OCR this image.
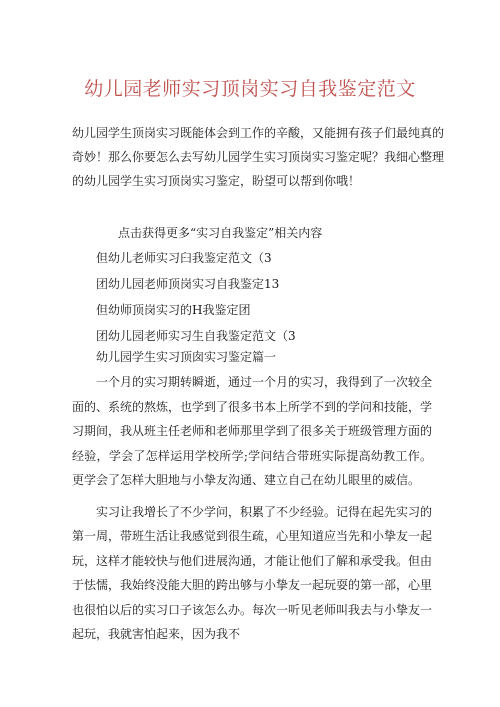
幼儿园老师实习顶岗实习自我鉴定范文

幼儿园学生顶岗实习既能体会到工作的辛酸，又能拥有孩子们最纯真的奇妙！那么你要怎么去写幼儿园学生实习顶岗实习鉴定呢？我细心整理的幼儿园学生实习顶岗实习鉴定，盼望可以帮到你哦！

点击获得更多“实习自我鉴定”相关内容
但幼儿老师实习臼我鉴定范文（3
团幼儿园老师顶岗实习自我鉴定13
但幼师顶岗实习的H我鉴定团
团幼儿园老师实习生自我鉴定范文（3
幼儿园学生实习顶囱实习鉴定篇一

一个月的实习期转瞬逝，通过一个月的实习，我得到了一次较全面的、系统的熬炼，也学到了很多书本上所学不到的学问和技能，学习期间，我从班主任老师和老师那里学到了很多关于班级管理方面的经验，学会了怎样运用学校所学;学问结合带班实际提高幼教工作。更学会了怎样大胆地与小挚友沟通、建立自己在幼儿眼里的威信。

实习让我增长了不少学问，积累了不少经验。记得在起先实习的第一周，带班生活让我感觉到很生疏，心里知道应当先和小挚友一起玩，这样才能较快与他们进展沟通，才能让他们了解和承受我。但由于怯懦，我始终没能大胆的跨出够与小挚友一起玩耍的第一部，心里也很怕以后的实习口子该怎么办。每次一听见老师叫我去与小挚友一起玩，我就害怕起来，因为我不
